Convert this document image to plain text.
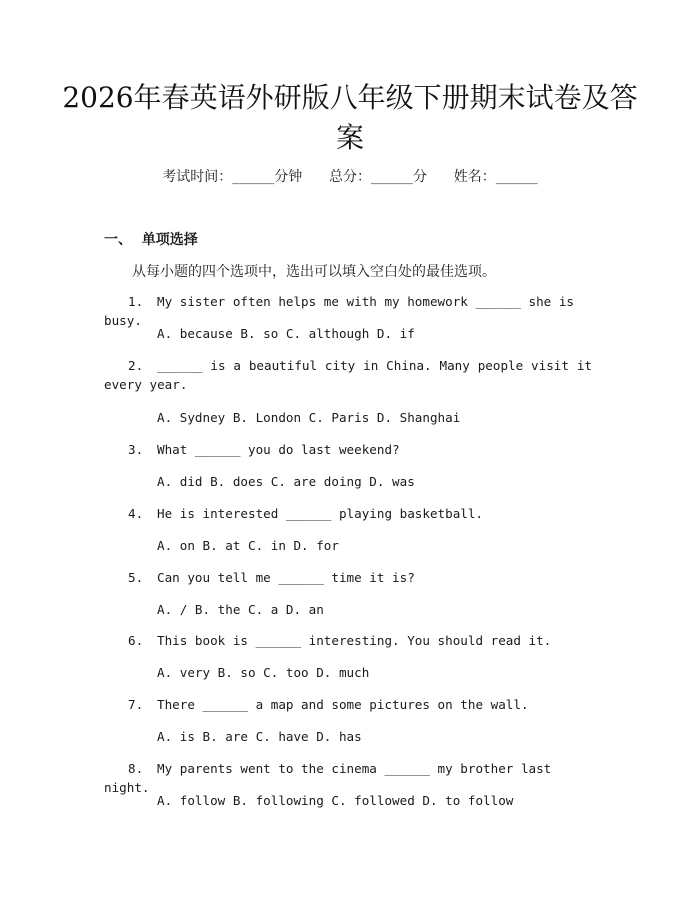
2026年春英语外研版八年级下册期末试卷及答案
考试时间：______分钟 总分：______分 姓名：______
一、  单项选择
从每小题的四个选项中，选出可以填入空白处的最佳选项。
1. My sister often helps me with my homework ______ she is busy.
A. because B. so C. although D. if
2. ______ is a beautiful city in China. Many people visit it every year.
A. Sydney B. London C. Paris D. Shanghai
3. What ______ you do last weekend?
A. did B. does C. are doing D. was
4. He is interested ______ playing basketball.
A. on B. at C. in D. for
5. Can you tell me ______ time it is?
A. / B. the C. a D. an
6. This book is ______ interesting. You should read it.
A. very B. so C. too D. much
7. There ______ a map and some pictures on the wall.
A. is B. are C. have D. has
8. My parents went to the cinema ______ my brother last night.
A. follow B. following C. followed D. to follow
